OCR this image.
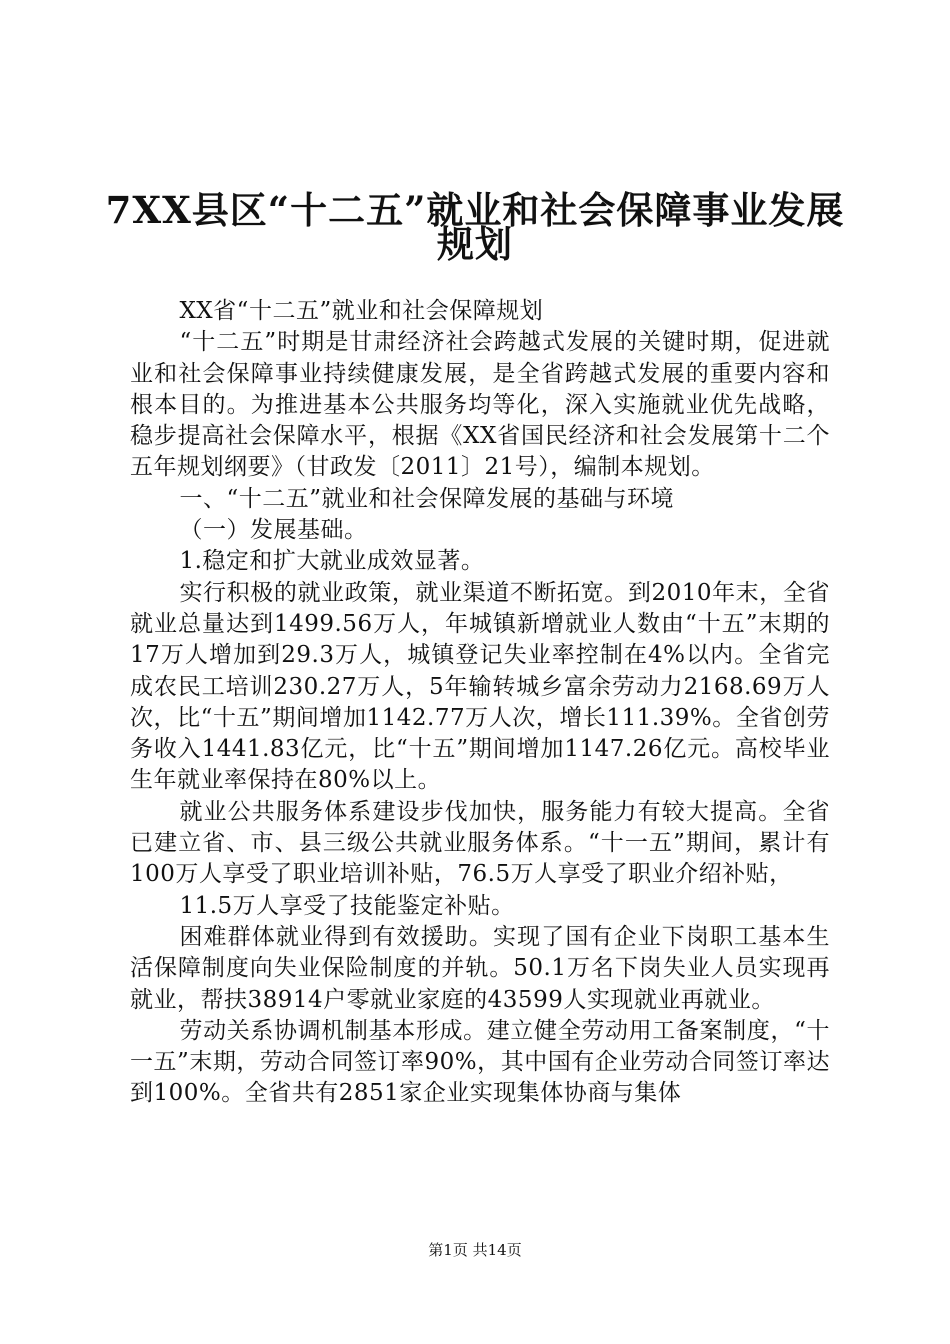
7XX县区“十二五”就业和社会保障事业发展
规划

XX省“十二五”就业和社会保障规划

“十二五”时期是甘肃经济社会跨越式发展的关键时期，促进就业和社会保障事业持续健康发展，是全省跨越式发展的重要内容和根本目的。为推进基本公共服务均等化，深入实施就业优先战略，稳步提高社会保障水平，根据《XX省国民经济和社会发展第十二个五年规划纲要》（甘政发〔2011〕21号），编制本规划。

一、“十二五”就业和社会保障发展的基础与环境

（一）发展基础。

1.稳定和扩大就业成效显著。

实行积极的就业政策，就业渠道不断拓宽。到2010年末，全省就业总量达到1499.56万人，年城镇新增就业人数由“十五”末期的17万人增加到29.3万人，城镇登记失业率控制在4%以内。全省完成农民工培训230.27万人，5年输转城乡富余劳动力2168.69万人次，比“十五”期间增加1142.77万人次，增长111.39%。全省创劳务收入1441.83亿元，比“十五”期间增加1147.26亿元。高校毕业生年就业率保持在80%以上。

就业公共服务体系建设步伐加快，服务能力有较大提高。全省已建立省、市、县三级公共就业服务体系。“十一五”期间，累计有100万人享受了职业培训补贴，76.5万人享受了职业介绍补贴，

11.5万人享受了技能鉴定补贴。

困难群体就业得到有效援助。实现了国有企业下岗职工基本生活保障制度向失业保险制度的并轨。50.1万名下岗失业人员实现再就业，帮扶38914户零就业家庭的43599人实现就业再就业。

劳动关系协调机制基本形成。建立健全劳动用工备案制度，“十一五”末期，劳动合同签订率90%，其中国有企业劳动合同签订率达到100%。全省共有2851家企业实现集体协商与集体

第1页 共14页
